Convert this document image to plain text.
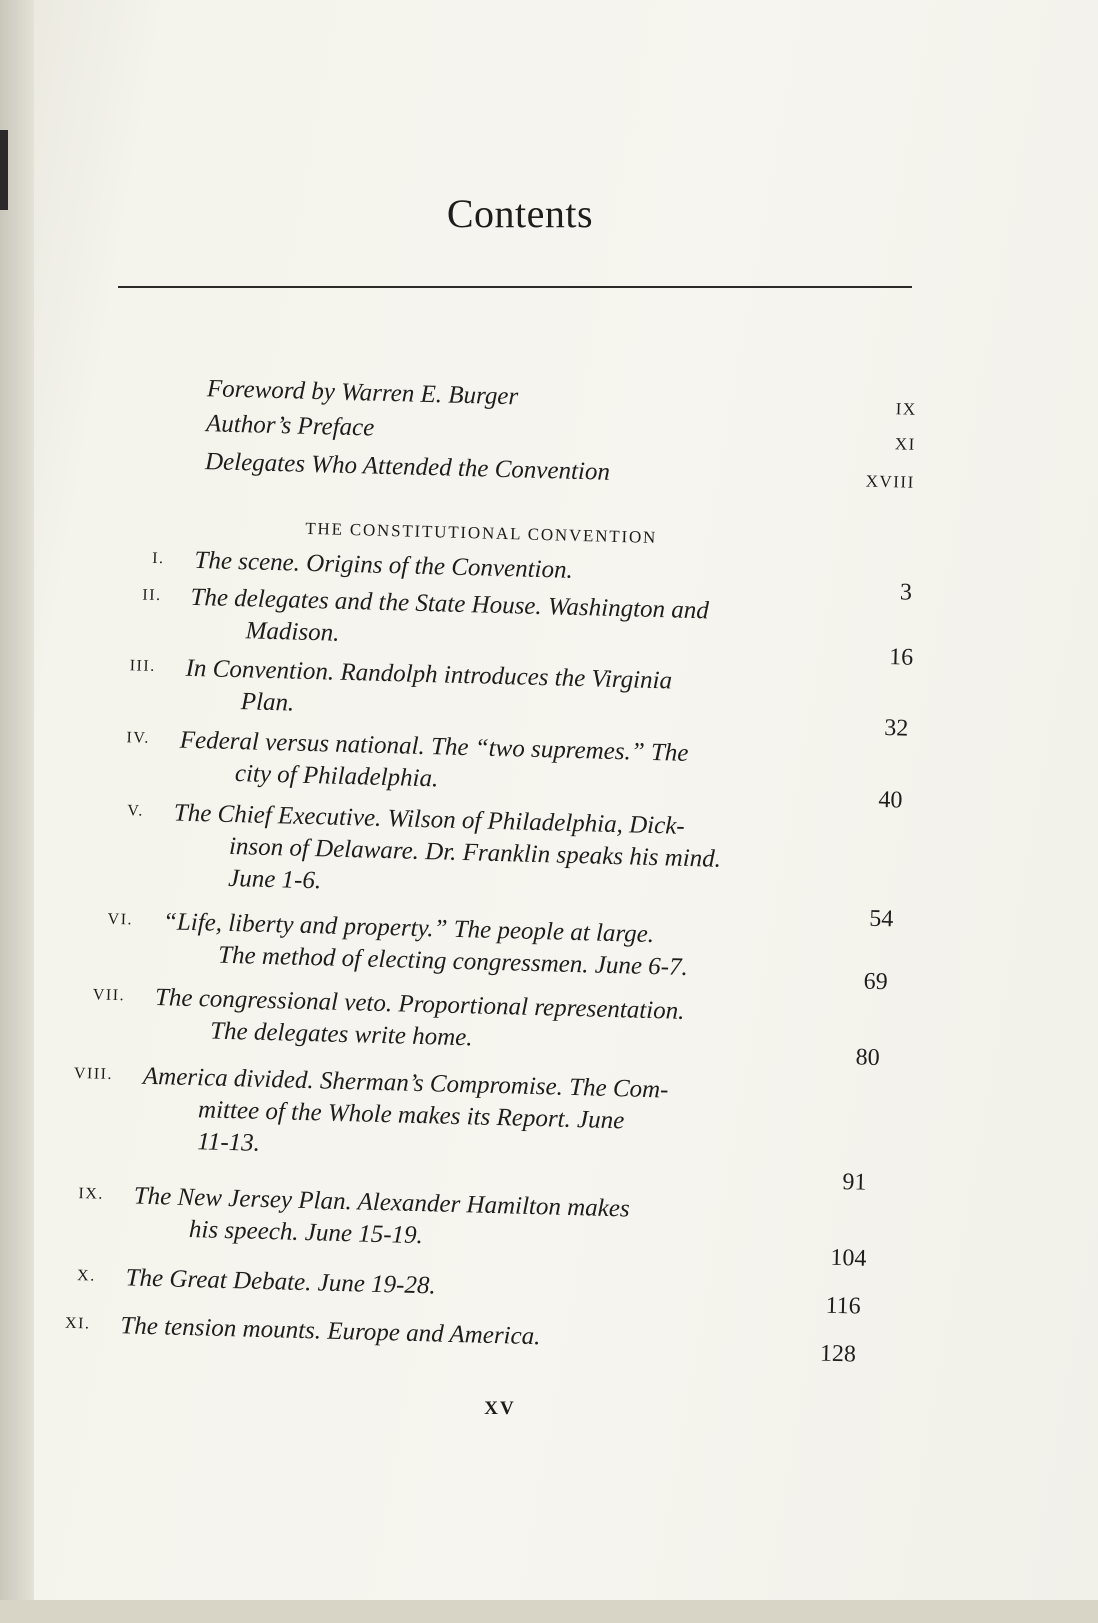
Contents
Foreword by Warren E. Burger	IX
Author’s Preface
XI
Delegates Who Attended the Convention	XVIII
THE CONSTITUTIONAL CONVENTION
I. The scene. Origins of the Convention.
3
II. The delegates and the State House. Washington and
Madison.
16
III. In Convention. Randolph introduces the Virginia
Plan.
32
IV. Federal versus national. The “two supremes.” The
city of Philadelphia.
40
V. The Chief Executive. Wilson of Philadelphia, Dick-
inson of Delaware. Dr. Franklin speaks his mind.
June 1-6.
54
VI. “Life, liberty and property.” The people at large.
The method of electing congressmen. June 6-7.
69
VII. The congressional veto. Proportional representation.
The delegates write home.
80
VIII. America divided. Sherman’s Compromise. The Com-
mittee of the Whole makes its Report. June
11-13.
91
IX. The New Jersey Plan. Alexander Hamilton makes
his speech. June 15-19.
104
X. The Great Debate. June 19-28.
116
XI. The tension mounts. Europe and America.
128
XV
